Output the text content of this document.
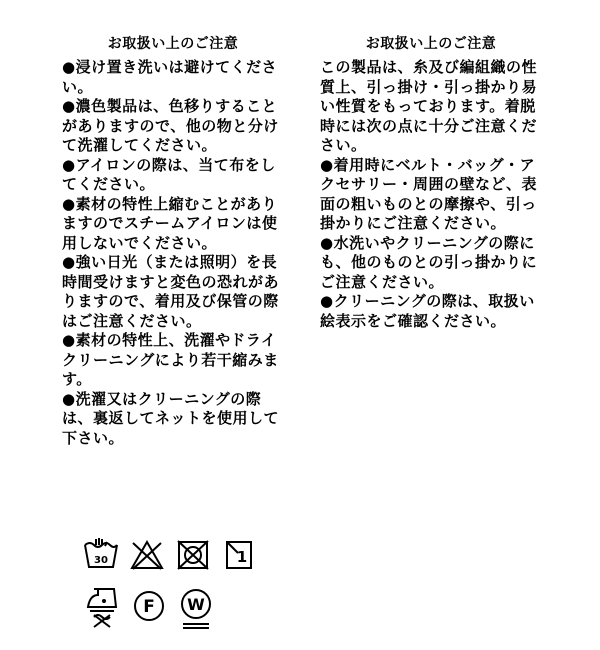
お取扱い上のご注意

●浸け置き洗いは避けてください。

●濃色製品は、色移りすることがありますので、他の物と分けて洗濯してください。

●アイロンの際は、当て布をしてください。

●素材の特性上縮むことがありますのでスチームアイロンは使用しないでください。

●強い日光（または照明）を長時間受けますと変色の恐れがありますので、着用及び保管の際はご注意ください。

●素材の特性上、洗濯やドライクリーニングにより若干縮みます。

●洗濯又はクリーニングの際は、裏返してネットを使用して下さい。

お取扱い上のご注意

この製品は、糸及び編組織の性質上、引っ掛け・引っ掛かり易い性質をもっております。着脱時には次の点に十分ご注意ください。

●着用時にベルト・バッグ・アクセサリー・周囲の壁など、表面の粗いものとの摩擦や、引っ掛かりにご注意ください。

●水洗いやクリーニングの際にも、他のものとの引っ掛かりにご注意ください。

●クリーニングの際は、取扱い絵表示をご確認ください。

30	1
F W
